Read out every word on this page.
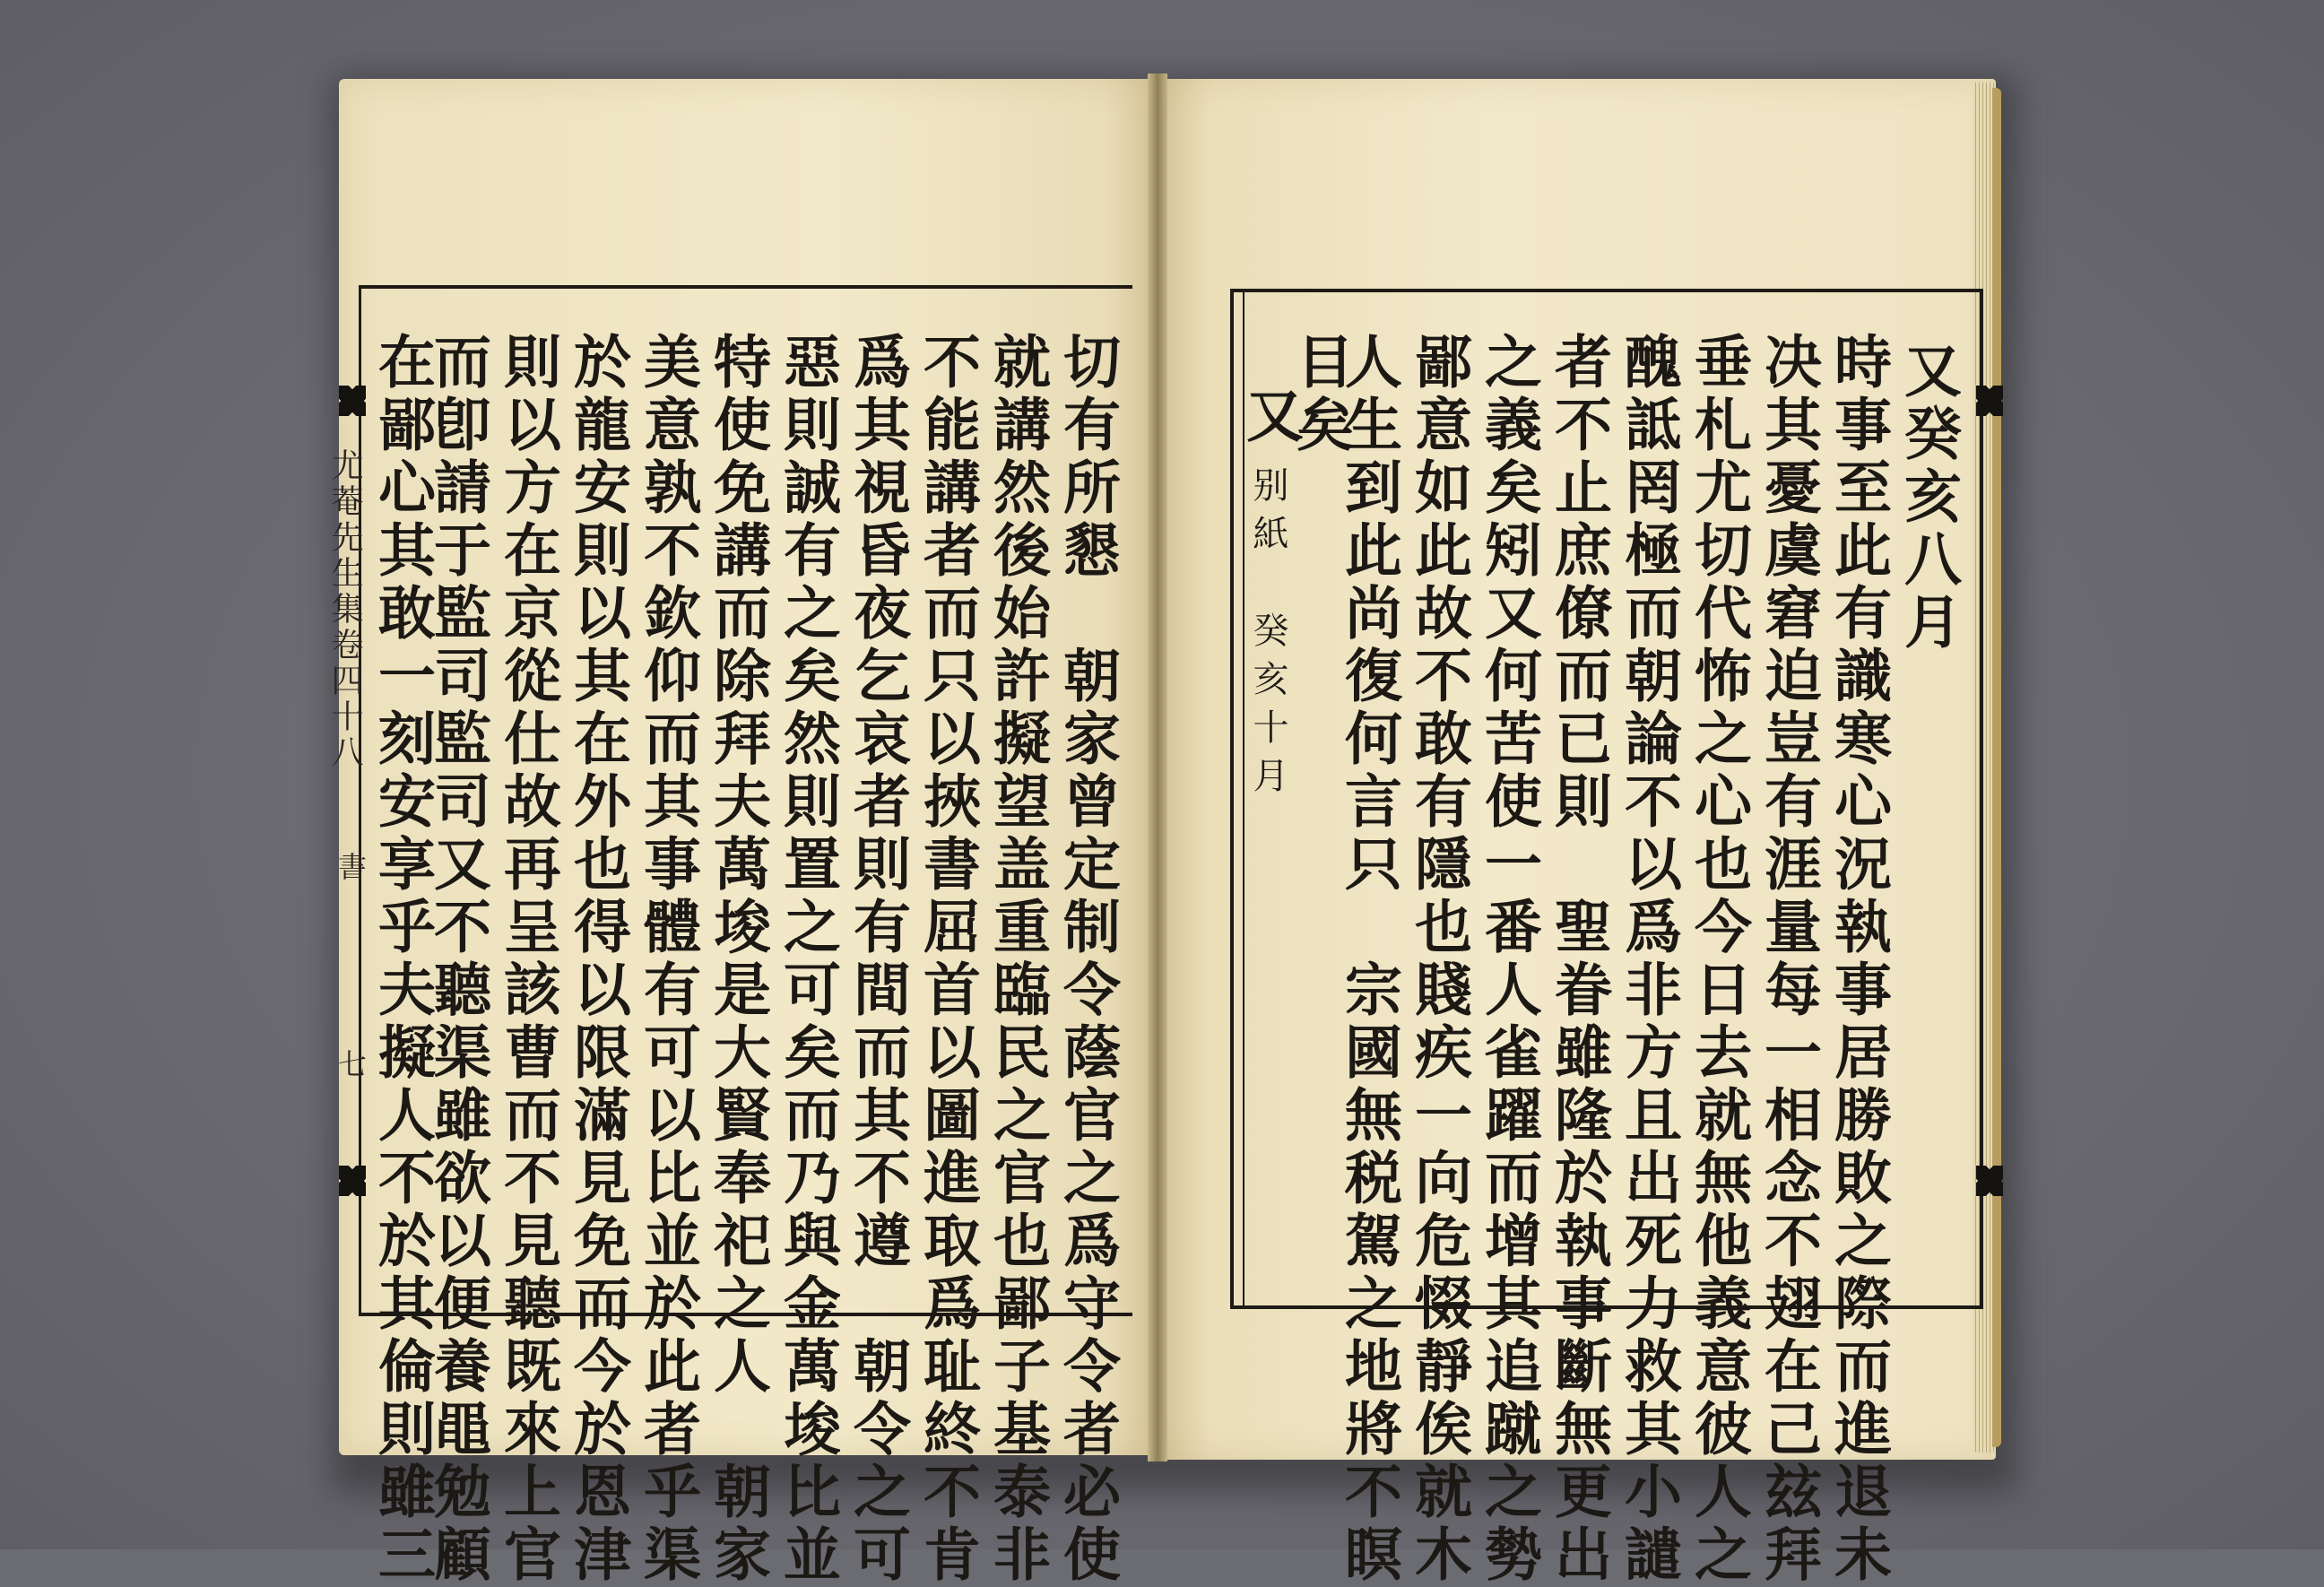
尤菴先生集卷四十八
書
七	切有所懇　朝家曾定制令蔭官之爲守令者必使
就講然後始許擬望盖重臨民之官也鄙子基泰非
不能講者而只以挾書屈首以圖進取爲耻終不肯
爲其視昏夜乞哀者則有間而其不遵　朝令之可
惡則誠有之矣然則置之可矣而乃與金萬埈比並
特使免講而除拜夫萬埈是大賢奉祀之人　朝家
美意孰不欽仰而其事體有可以比並於此者乎渠
於龍安則以其在外也得以限滿見免而今於恩津
則以方在京從仕故再呈該曹而不見聽既來上官
而卽請于監司監司又不聽渠雖欲以便養黽勉顧
在鄙心其敢一刻安享乎夫擬人不於其倫則雖三	又癸亥八月
時事至此有識寒心況執事居勝敗之際而進退未
决其憂虞窘迫豈有涯量每一相念不翅在己玆拜
垂札尤切代怖之心也今日去就無他義意彼人之
醜詆罔極而朝論不以爲非方且出死力救其小譴
者不止庶僚而已則　聖眷雖隆於執事斷無更出
之義矣矧又何苦使一番人雀躍而增其追蹴之勢
鄙意如此故不敢有隱也賤疾一向危惙靜俟就木
人生到此尚復何言只　宗國無税駕之地將不瞑
目矣
又
别紙　癸亥十月
